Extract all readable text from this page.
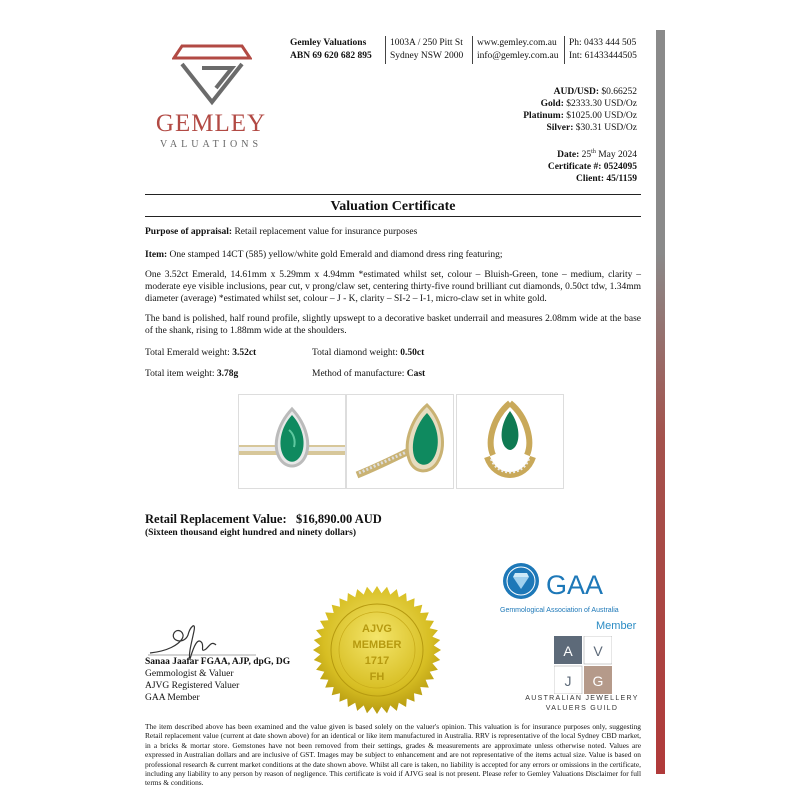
GEMLEY
VALUATIONS
Gemley Valuations
ABN 69 620 682 895
1003A / 250 Pitt St
Sydney NSW 2000
www.gemley.com.au
info@gemley.com.au
Ph: 0433 444 505
Int: 61433444505
AUD/USD: $0.66252
Gold: $2333.30 USD/Oz
Platinum: $1025.00 USD/Oz
Silver: $30.31 USD/Oz
Date: 25th May 2024
Certificate #: 0524095
Client: 45/1159
Valuation Certificate
Purpose of appraisal: Retail replacement value for insurance purposes
Item: One stamped 14CT (585) yellow/white gold Emerald and diamond dress ring featuring;
One 3.52ct Emerald, 14.61mm x 5.29mm x 4.94mm *estimated whilst set, colour – Bluish-Green, tone – medium, clarity – moderate eye visible inclusions, pear cut, v prong/claw set, centering thirty-five round brilliant cut diamonds, 0.50ct tdw, 1.34mm diameter (average) *estimated whilst set, colour – J - K, clarity – SI-2 – I-1, micro-claw set in white gold.
The band is polished, half round profile, slightly upswept to a decorative basket underrail and measures 2.08mm wide at the base of the shank, rising to 1.88mm wide at the shoulders.
Total Emerald weight: 3.52ct	Total diamond weight: 0.50ct
Total item weight: 3.78g	Method of manufacture: Cast
Retail Replacement Value: $16,890.00 AUD
(Sixteen thousand eight hundred and ninety dollars)
Sanaa Jaafar FGAA, AJP, dpG, DG
Gemmologist & Valuer
AJVG Registered Valuer
GAA Member
AJVG
MEMBER
1717
FH
GAA
Gemmological Association of Australia
Member
A V
J G
AUSTRALIAN JEWELLERY
VALUERS GUILD
The item described above has been examined and the value given is based solely on the valuer's opinion. This valuation is for insurance purposes only, suggesting Retail replacement value (current at date shown above) for an identical or like item manufactured in Australia. RRV is representative of the local Sydney CBD market, in a bricks & mortar store. Gemstones have not been removed from their settings, grades & measurements are approximate unless otherwise noted. Values are expressed in Australian dollars and are inclusive of GST. Images may be subject to enhancement and are not representative of the items actual size. Value is based on professional research & current market conditions at the date shown above. Whilst all care is taken, no liability is accepted for any errors or omissions in the certificate, including any liability to any person by reason of negligence. This certificate is void if AJVG seal is not present. Please refer to Gemley Valuations Disclaimer for full terms & conditions.
